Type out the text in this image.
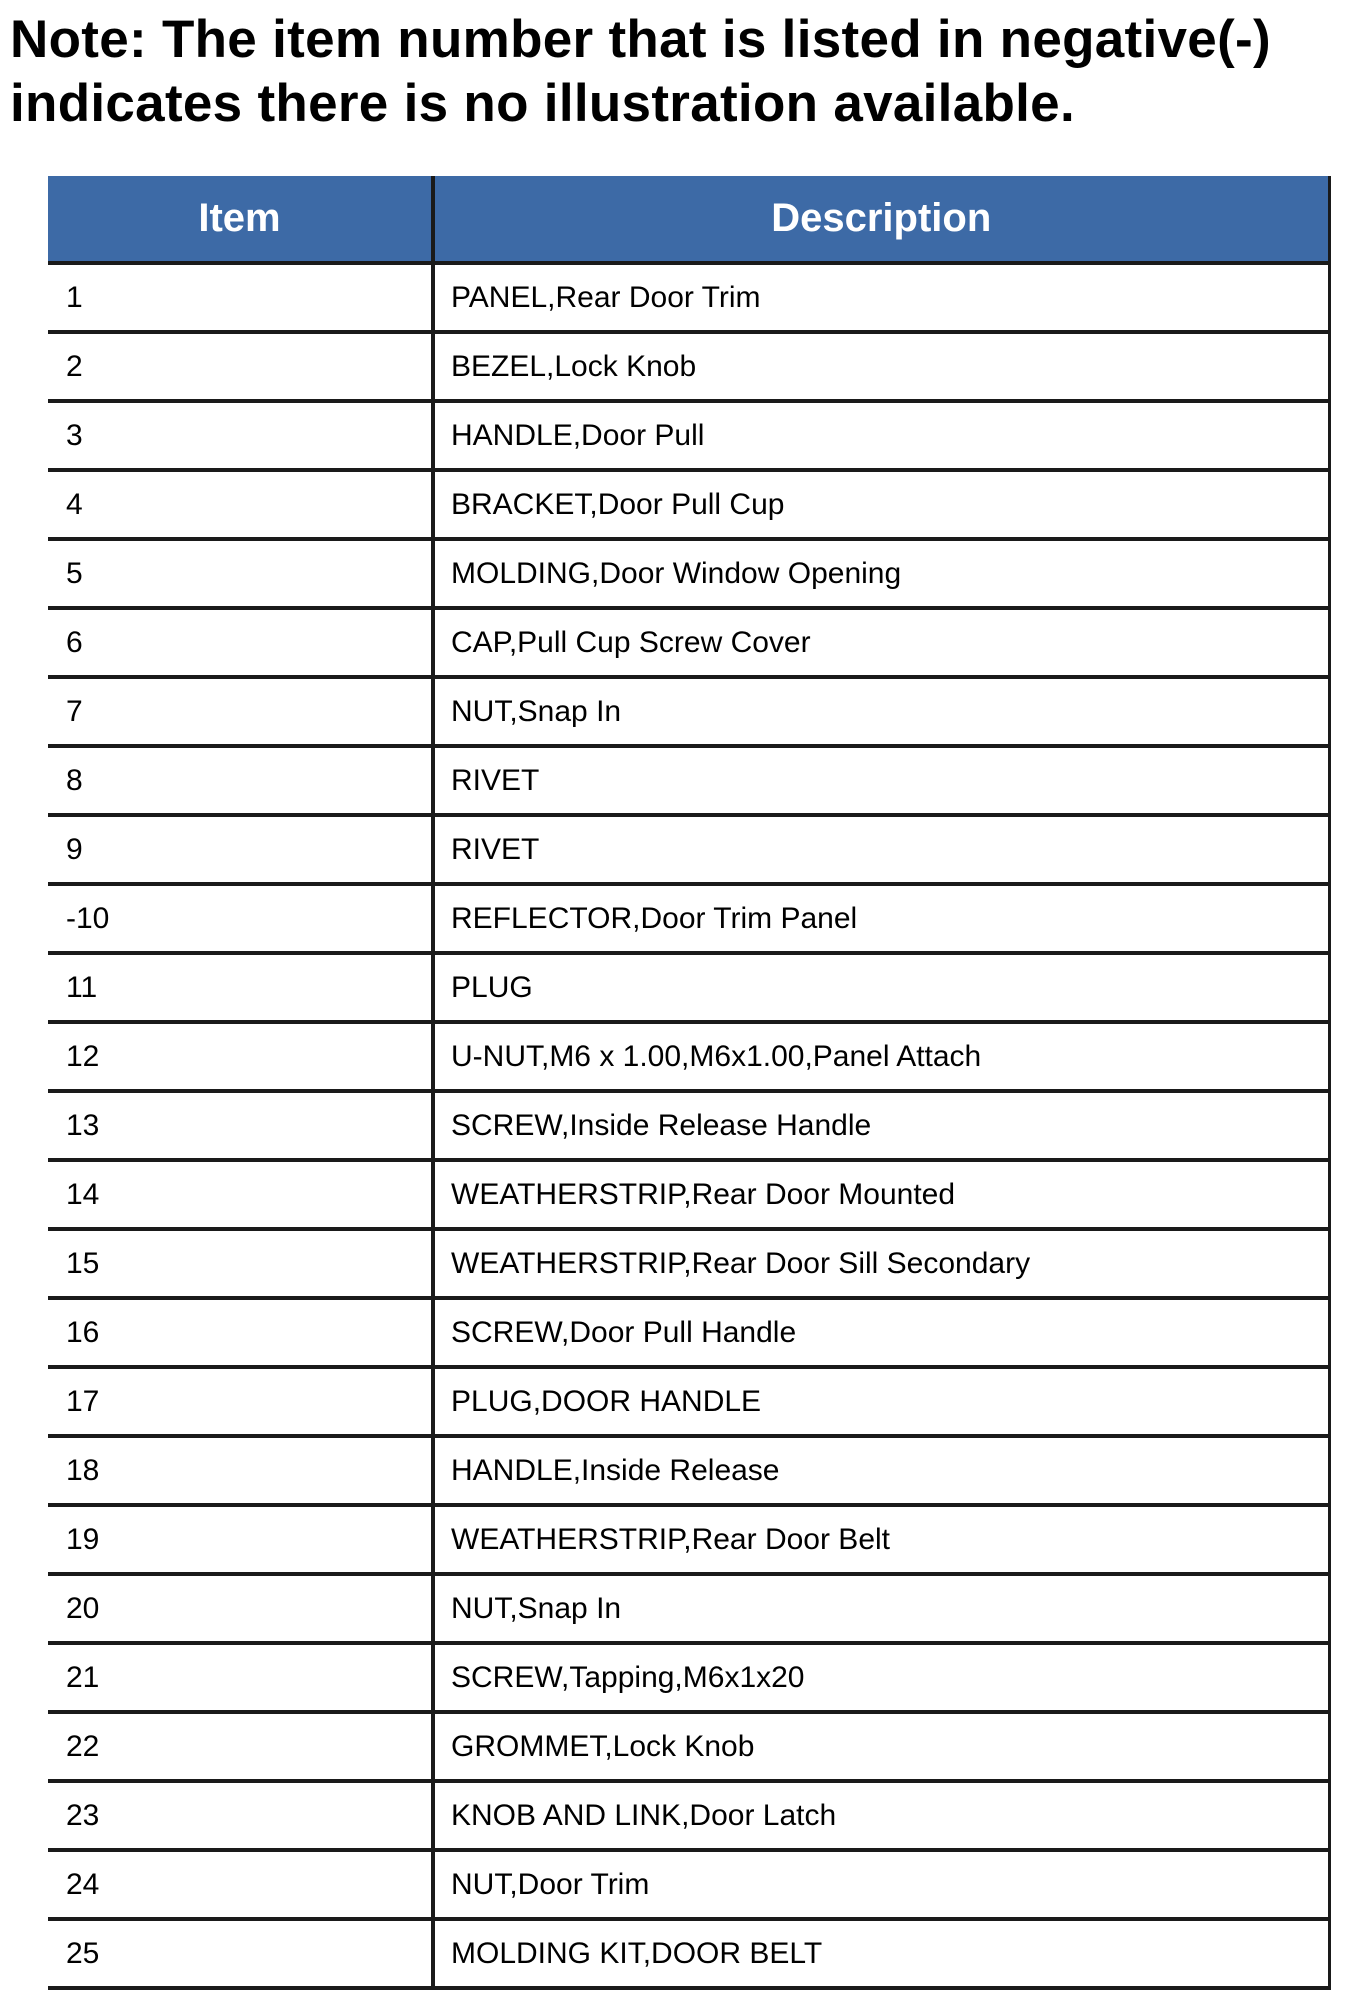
Note: The item number that is listed in negative(-)
indicates there is no illustration available.
Item	Description
1	PANEL,Rear Door Trim
2	BEZEL,Lock Knob
3	HANDLE,Door Pull
4	BRACKET,Door Pull Cup
5	MOLDING,Door Window Opening
6	CAP,Pull Cup Screw Cover
7	NUT,Snap In
8	RIVET
9	RIVET
-10	REFLECTOR,Door Trim Panel
11	PLUG
12	U-NUT,M6 x 1.00,M6x1.00,Panel Attach
13	SCREW,Inside Release Handle
14	WEATHERSTRIP,Rear Door Mounted
15	WEATHERSTRIP,Rear Door Sill Secondary
16	SCREW,Door Pull Handle
17	PLUG,DOOR HANDLE
18	HANDLE,Inside Release
19	WEATHERSTRIP,Rear Door Belt
20	NUT,Snap In
21	SCREW,Tapping,M6x1x20
22	GROMMET,Lock Knob
23	KNOB AND LINK,Door Latch
24	NUT,Door Trim
25	MOLDING KIT,DOOR BELT
